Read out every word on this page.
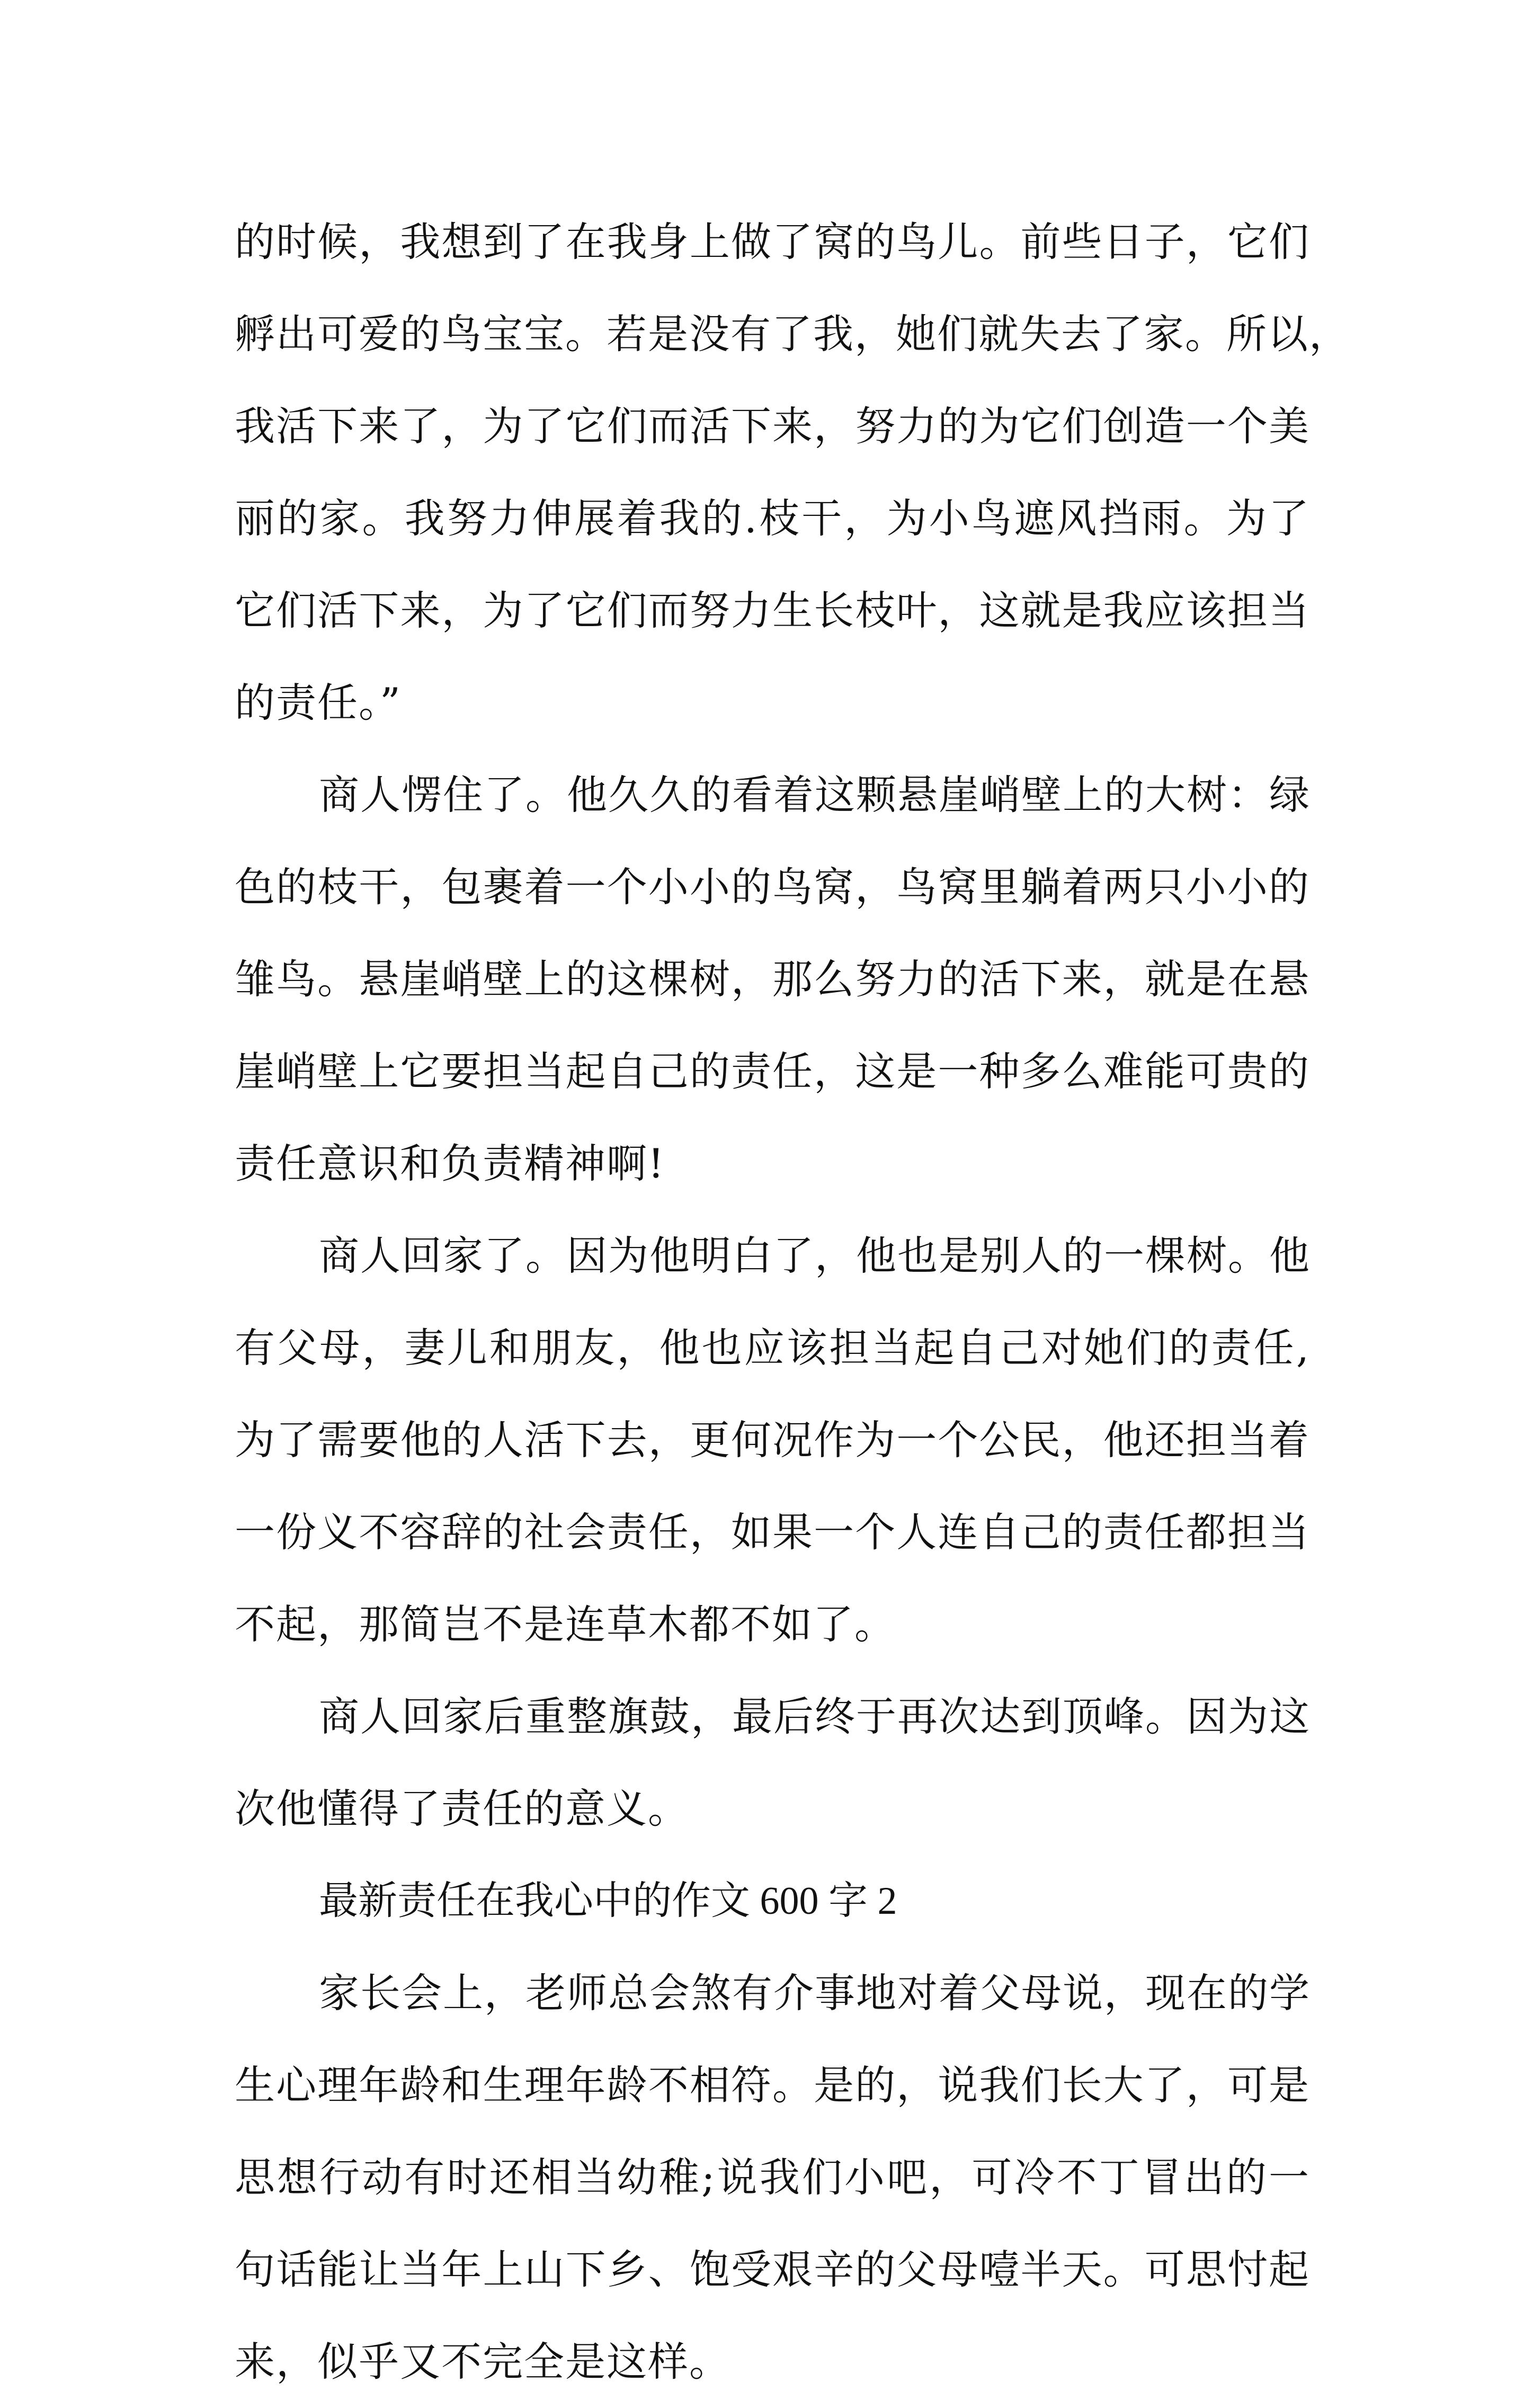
的时候，我想到了在我身上做了窝的鸟儿。前些日子，它们
孵出可爱的鸟宝宝。若是没有了我，她们就失去了家。所以，
我活下来了，为了它们而活下来，努力的为它们创造一个美
丽的家。我努力伸展着我的.枝干，为小鸟遮风挡雨。为了
它们活下来，为了它们而努力生长枝叶，这就是我应该担当
的责任。”
商人愣住了。他久久的看着这颗悬崖峭壁上的大树：绿
色的枝干，包裹着一个小小的鸟窝，鸟窝里躺着两只小小的
雏鸟。悬崖峭壁上的这棵树，那么努力的活下来，就是在悬
崖峭壁上它要担当起自己的责任，这是一种多么难能可贵的
责任意识和负责精神啊!
商人回家了。因为他明白了，他也是别人的一棵树。他
有父母，妻儿和朋友，他也应该担当起自己对她们的责任,
为了需要他的人活下去，更何况作为一个公民，他还担当着
一份义不容辞的社会责任，如果一个人连自己的责任都担当
不起，那简岂不是连草木都不如了。
商人回家后重整旗鼓，最后终于再次达到顶峰。因为这
次他懂得了责任的意义。
最新责任在我心中的作文 600 字 2
家长会上，老师总会煞有介事地对着父母说，现在的学
生心理年龄和生理年龄不相符。是的，说我们长大了，可是
思想行动有时还相当幼稚;说我们小吧，可冷不丁冒出的一
句话能让当年上山下乡、饱受艰辛的父母噎半天。可思忖起
来，似乎又不完全是这样。
